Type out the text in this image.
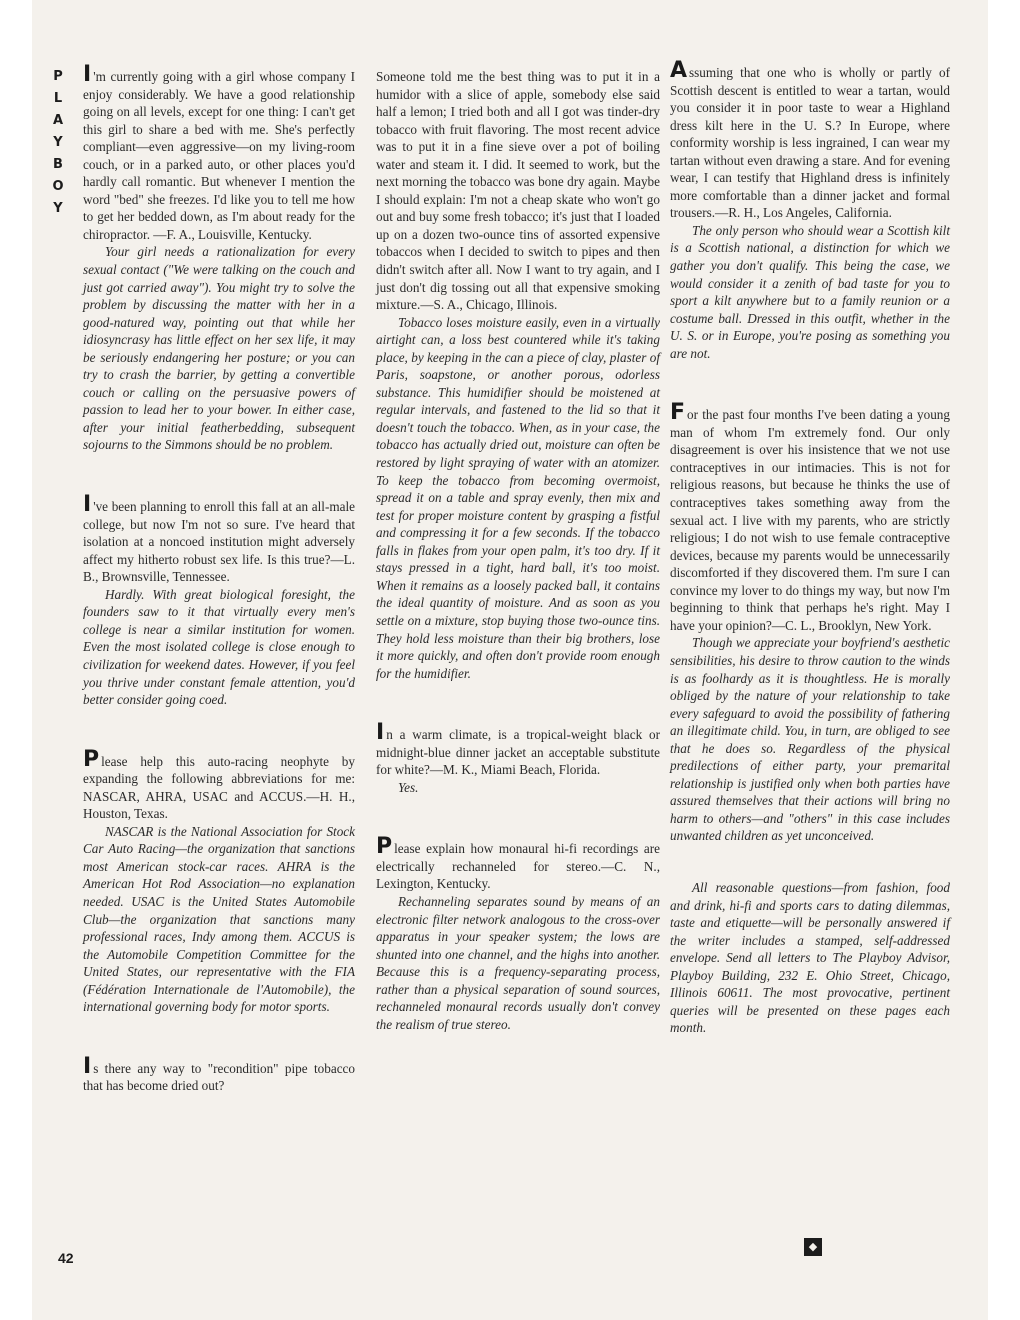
P
L
A
Y
B
O
Y
42

I 'm currently going with a girl whose company I enjoy considerably. We have a good relationship going on all levels, except for one thing: I can't get this girl to share a bed with me. She's perfectly compliant—even aggressive—on my living-room couch, or in a parked auto, or other places you'd hardly call romantic. But whenever I mention the word "bed" she freezes. I'd like you to tell me how to get her bedded down, as I'm about ready for the chiropractor. —F. A., Louisville, Kentucky.

Your girl needs a rationalization for every sexual contact ("We were talking on the couch and just got carried away"). You might try to solve the problem by discussing the matter with her in a good-natured way, pointing out that while her idiosyncrasy has little effect on her sex life, it may be seriously endangering her posture; or you can try to crash the barrier, by getting a convertible couch or calling on the persuasive powers of passion to lead her to your bower. In either case, after your initial featherbedding, subsequent sojourns to the Simmons should be no problem.

I 've been planning to enroll this fall at an all-male college, but now I'm not so sure. I've heard that isolation at a noncoed institution might adversely affect my hitherto robust sex life. Is this true?—L. B., Brownsville, Tennessee.

Hardly. With great biological foresight, the founders saw to it that virtually every men's college is near a similar institution for women. Even the most isolated college is close enough to civilization for weekend dates. However, if you feel you thrive under constant female attention, you'd better consider going coed.

Please help this auto-racing neophyte by expanding the following abbreviations for me: NASCAR, AHRA, USAC and ACCUS.—H. H., Houston, Texas.

NASCAR is the National Association for Stock Car Auto Racing—the organization that sanctions most American stock-car races. AHRA is the American Hot Rod Association—no explanation needed. USAC is the United States Automobile Club—the organization that sanctions many professional races, Indy among them. ACCUS is the Automobile Competition Committee for the United States, our representative with the FIA (Fédération Internationale de l'Automobile), the international governing body for motor sports.

Is there any way to "recondition" pipe tobacco that has become dried out?

Someone told me the best thing was to put it in a humidor with a slice of apple, somebody else said half a lemon; I tried both and all I got was tinder-dry tobacco with fruit flavoring. The most recent advice was to put it in a fine sieve over a pot of boiling water and steam it. I did. It seemed to work, but the next morning the tobacco was bone dry again. Maybe I should explain: I'm not a cheap skate who won't go out and buy some fresh tobacco; it's just that I loaded up on a dozen two-ounce tins of assorted expensive tobaccos when I decided to switch to pipes and then didn't switch after all. Now I want to try again, and I just don't dig tossing out all that expensive smoking mixture.—S. A., Chicago, Illinois.

Tobacco loses moisture easily, even in a virtually airtight can, a loss best countered while it's taking place, by keeping in the can a piece of clay, plaster of Paris, soapstone, or another porous, odorless substance. This humidifier should be moistened at regular intervals, and fastened to the lid so that it doesn't touch the tobacco. When, as in your case, the tobacco has actually dried out, moisture can often be restored by light spraying of water with an atomizer. To keep the tobacco from becoming overmoist, spread it on a table and spray evenly, then mix and test for proper moisture content by grasping a fistful and compressing it for a few seconds. If the tobacco falls in flakes from your open palm, it's too dry. If it stays pressed in a tight, hard ball, it's too moist. When it remains as a loosely packed ball, it contains the ideal quantity of moisture. And as soon as you settle on a mixture, stop buying those two-ounce tins. They hold less moisture than their big brothers, lose it more quickly, and often don't provide room enough for the humidifier.

In a warm climate, is a tropical-weight black or midnight-blue dinner jacket an acceptable substitute for white?—M. K., Miami Beach, Florida.

Yes.

Please explain how monaural hi-fi recordings are electrically rechanneled for stereo.—C. N., Lexington, Kentucky.

Rechanneling separates sound by means of an electronic filter network analogous to the cross-over apparatus in your speaker system; the lows are shunted into one channel, and the highs into another. Because this is a frequency-separating process, rather than a physical separation of sound sources, rechanneled monaural records usually don't convey the realism of true stereo.

Assuming that one who is wholly or partly of Scottish descent is entitled to wear a tartan, would you consider it in poor taste to wear a Highland dress kilt here in the U. S.? In Europe, where conformity worship is less ingrained, I can wear my tartan without even drawing a stare. And for evening wear, I can testify that Highland dress is infinitely more comfortable than a dinner jacket and formal trousers.—R. H., Los Angeles, California.

The only person who should wear a Scottish kilt is a Scottish national, a distinction for which we gather you don't qualify. This being the case, we would consider it a zenith of bad taste for you to sport a kilt anywhere but to a family reunion or a costume ball. Dressed in this outfit, whether in the U. S. or in Europe, you're posing as something you are not.

For the past four months I've been dating a young man of whom I'm extremely fond. Our only disagreement is over his insistence that we not use contraceptives in our intimacies. This is not for religious reasons, but because he thinks the use of contraceptives takes something away from the sexual act. I live with my parents, who are strictly religious; I do not wish to use female contraceptive devices, because my parents would be unnecessarily discomforted if they discovered them. I'm sure I can convince my lover to do things my way, but now I'm beginning to think that perhaps he's right. May I have your opinion?—C. L., Brooklyn, New York.

Though we appreciate your boyfriend's aesthetic sensibilities, his desire to throw caution to the winds is as foolhardy as it is thoughtless. He is morally obliged by the nature of your relationship to take every safeguard to avoid the possibility of fathering an illegitimate child. You, in turn, are obliged to see that he does so. Regardless of the physical predilections of either party, your premarital relationship is justified only when both parties have assured themselves that their actions will bring no harm to others—and "others" in this case includes unwanted children as yet unconceived.

All reasonable questions—from fashion, food and drink, hi-fi and sports cars to dating dilemmas, taste and etiquette—will be personally answered if the writer includes a stamped, self-addressed envelope. Send all letters to The Playboy Advisor, Playboy Building, 232 E. Ohio Street, Chicago, Illinois 60611. The most provocative, pertinent queries will be presented on these pages each month.

◆
